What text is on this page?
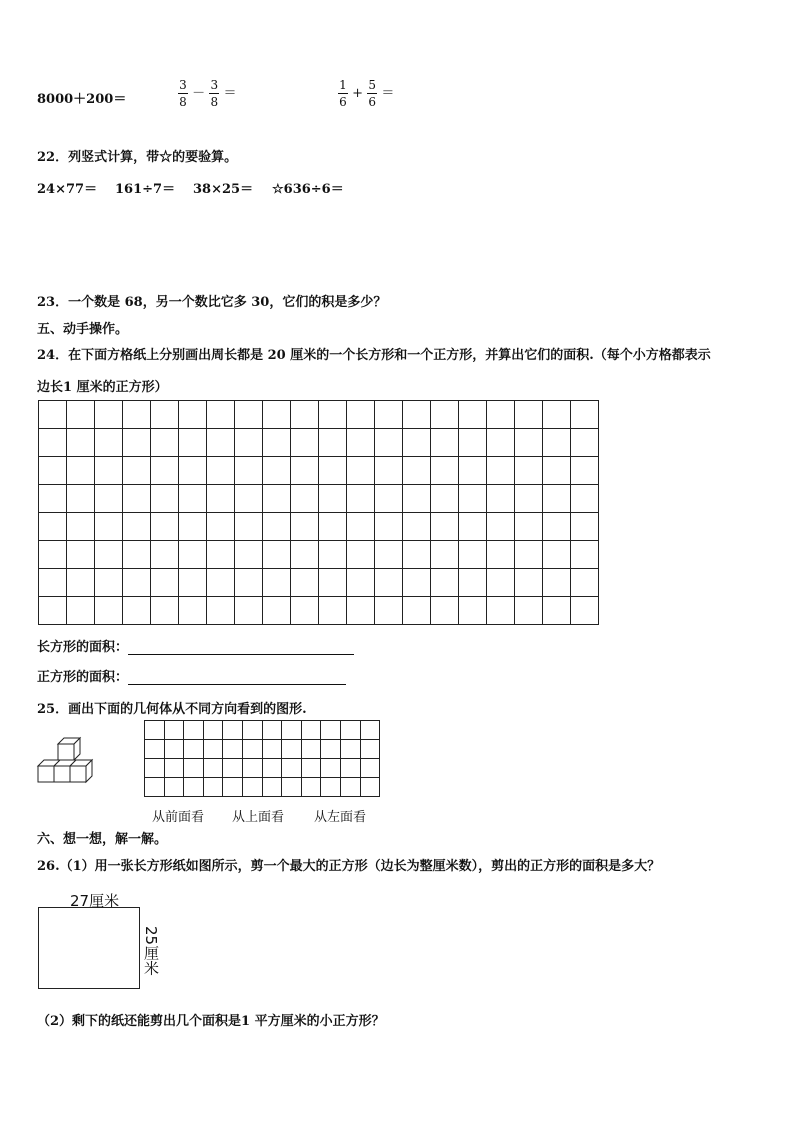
8000＋200＝	$\frac{3}{8} - \frac{3}{8}$ ＝	$\frac{1}{6} + \frac{5}{6}$ ＝
22．列竖式计算，带☆的要验算。
24×77＝ 161÷7＝ 38×25＝ ☆636÷6＝
23．一个数是 68，另一个数比它多 30，它们的积是多少？
五、动手操作。
24．在下面方格纸上分别画出周长都是 20 厘米的一个长方形和一个正方形，并算出它们的面积.（每个小方格都表示
边长1 厘米的正方形）

长方形的面积：
正方形的面积：
25．画出下面的几何体从不同方向看到的图形.

从前面看 从上面看 从左面看
六、想一想，解一解。
26.（1）用一张长方形纸如图所示，剪一个最大的正方形（边长为整厘米数），剪出的正方形的面积是多大？
27厘米
25厘米
（2）剩下的纸还能剪出几个面积是1 平方厘米的小正方形？
